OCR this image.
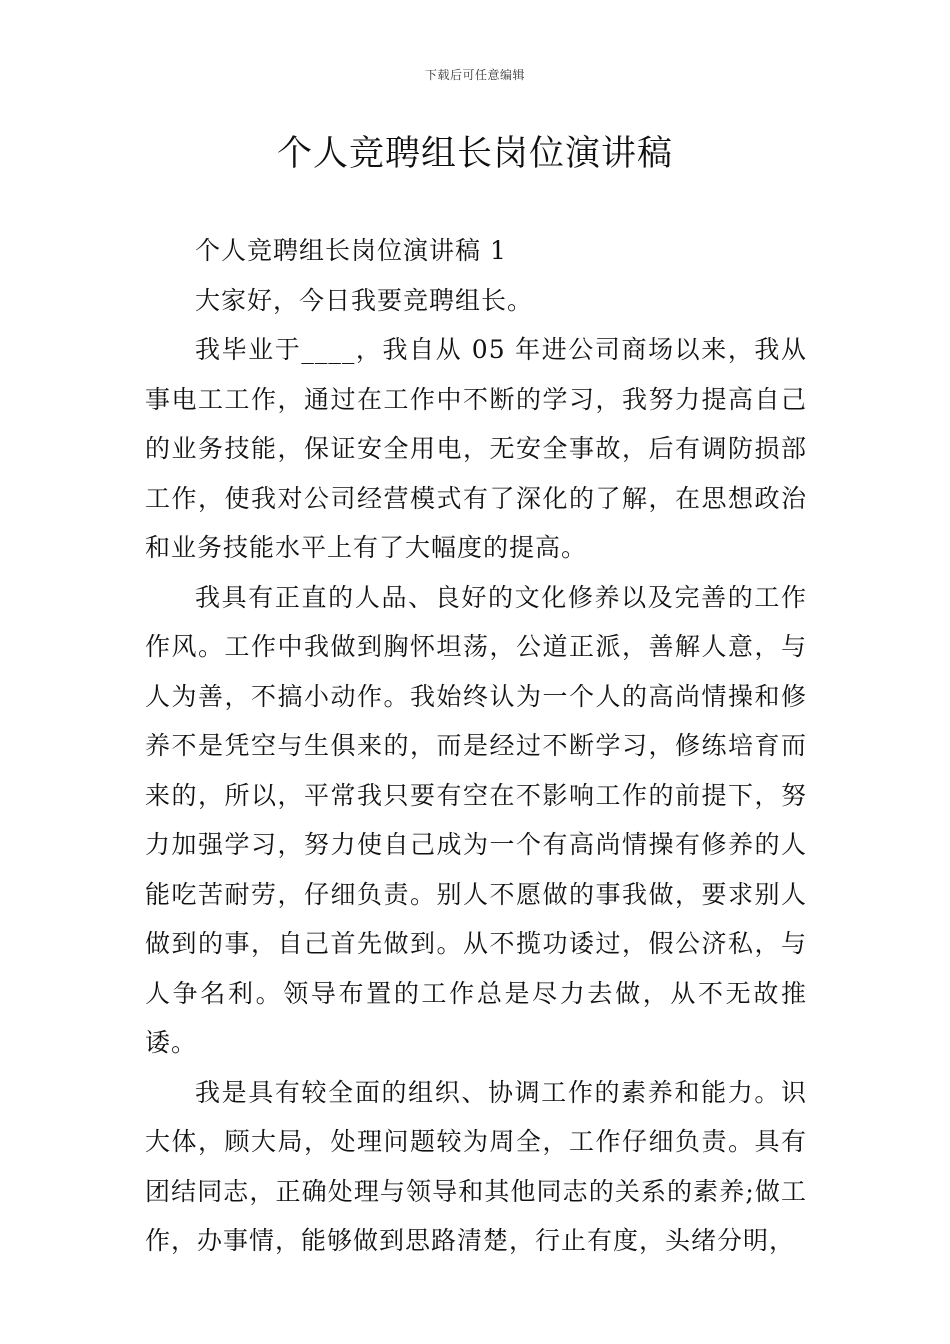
下载后可任意编辑
个人竞聘组长岗位演讲稿

个人竞聘组长岗位演讲稿 1

大家好，今日我要竞聘组长。

我毕业于____，我自从 05 年进公司商场以来，我从事电工工作，通过在工作中不断的学习，我努力提高自己的业务技能，保证安全用电，无安全事故，后有调防损部工作，使我对公司经营模式有了深化的了解，在思想政治和业务技能水平上有了大幅度的提高。

我具有正直的人品、良好的文化修养以及完善的工作作风。工作中我做到胸怀坦荡，公道正派，善解人意，与人为善，不搞小动作。我始终认为一个人的高尚情操和修养不是凭空与生俱来的，而是经过不断学习，修练培育而来的，所以，平常我只要有空在不影响工作的前提下，努力加强学习，努力使自己成为一个有高尚情操有修养的人能吃苦耐劳，仔细负责。别人不愿做的事我做，要求别人做到的事，自己首先做到。从不揽功诿过，假公济私，与人争名利。领导布置的工作总是尽力去做，从不无故推诿。

我是具有较全面的组织、协调工作的素养和能力。识大体，顾大局，处理问题较为周全，工作仔细负责。具有团结同志，正确处理与领导和其他同志的关系的素养;做工作，办事情，能够做到思路清楚，行止有度，头绪分明，
